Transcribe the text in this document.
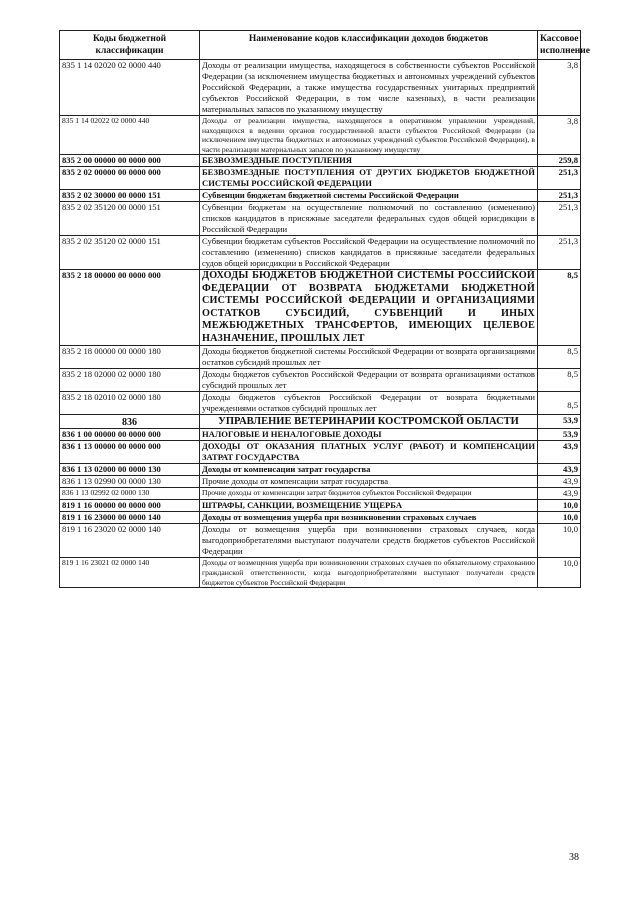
Коды бюджетной классификации	Наименование кодов классификации доходов бюджетов	Кассовое исполнение
835 1 14 02020 02 0000 440	Доходы от реализации имущества, находящегося в собственности субъектов Российской Федерации (за исключением имущества бюджетных и автономных учреждений субъектов Российской Федерации, а также имущества государственных унитарных предприятий субъектов Российской Федерации, в том числе казенных), в части реализации материальных запасов по указанному имуществу	3,8
835 1 14 02022 02 0000 440	Доходы от реализации имущества, находящегося в оперативном управлении учреждений, находящихся в ведении органов государственной власти субъектов Российской Федерации (за исключением имущества бюджетных и автономных учреждений субъектов Российской Федерации), в части реализации материальных запасов по указанному имуществу	3,8
835 2 00 00000 00 0000 000	БЕЗВОЗМЕЗДНЫЕ ПОСТУПЛЕНИЯ	259,8
835 2 02 00000 00 0000 000	БЕЗВОЗМЕЗДНЫЕ ПОСТУПЛЕНИЯ ОТ ДРУГИХ БЮДЖЕТОВ БЮДЖЕТНОЙ СИСТЕМЫ РОССИЙСКОЙ ФЕДЕРАЦИИ	251,3
835 2 02 30000 00 0000 151	Субвенции бюджетам бюджетной системы Российской Федерации	251,3
835 2 02 35120 00 0000 151	Субвенции бюджетам на осуществление полномочий по составлению (изменению) списков кандидатов в присяжные заседатели федеральных судов общей юрисдикции в Российской Федерации	251,3
835 2 02 35120 02 0000 151	Субвенции бюджетам субъектов Российской Федерации на осуществление полномочий по составлению (изменению) списков кандидатов в присяжные заседатели федеральных судов общей юрисдикции в Российской Федерации	251,3
835 2 18 00000 00 0000 000	ДОХОДЫ БЮДЖЕТОВ БЮДЖЕТНОЙ СИСТЕМЫ РОССИЙСКОЙ ФЕДЕРАЦИИ ОТ ВОЗВРАТА БЮДЖЕТАМИ БЮДЖЕТНОЙ СИСТЕМЫ РОССИЙСКОЙ ФЕДЕРАЦИИ И ОРГАНИЗАЦИЯМИ ОСТАТКОВ СУБСИДИЙ, СУБВЕНЦИЙ И ИНЫХ МЕЖБЮДЖЕТНЫХ ТРАНСФЕРТОВ, ИМЕЮЩИХ ЦЕЛЕВОЕ НАЗНАЧЕНИЕ, ПРОШЛЫХ ЛЕТ	8,5
835 2 18 00000 00 0000 180	Доходы бюджетов бюджетной системы Российской Федерации от возврата организациями остатков субсидий прошлых лет	8,5
835 2 18 02000 02 0000 180	Доходы бюджетов субъектов Российской Федерации от возврата организациями остатков субсидий прошлых лет	8,5
835 2 18 02010 02 0000 180	Доходы бюджетов субъектов Российской Федерации от возврата бюджетными учреждениями остатков субсидий прошлых лет	8,5
836	УПРАВЛЕНИЕ ВЕТЕРИНАРИИ КОСТРОМСКОЙ ОБЛАСТИ	53,9
836 1 00 00000 00 0000 000	НАЛОГОВЫЕ И НЕНАЛОГОВЫЕ ДОХОДЫ	53,9
836 1 13 00000 00 0000 000	ДОХОДЫ ОТ ОКАЗАНИЯ ПЛАТНЫХ УСЛУГ (РАБОТ) И КОМПЕНСАЦИИ ЗАТРАТ ГОСУДАРСТВА	43,9
836 1 13 02000 00 0000 130	Доходы от компенсации затрат государства	43,9
836 1 13 02990 00 0000 130	Прочие доходы от компенсации затрат государства	43,9
836 1 13 02992 02 0000 130	Прочие доходы от компенсации затрат бюджетов субъектов Российской Федерации	43,9
819 1 16 00000 00 0000 000	ШТРАФЫ, САНКЦИИ, ВОЗМЕЩЕНИЕ УЩЕРБА	10,0
819 1 16 23000 00 0000 140	Доходы от возмещения ущерба при возникновении страховых случаев	10,0
819 1 16 23020 02 0000 140	Доходы от возмещения ущерба при возникновении страховых случаев, когда выгодоприобретателями выступают получатели средств бюджетов субъектов Российской Федерации	10,0
819 1 16 23021 02 0000 140	Доходы от возмещения ущерба при возникновении страховых случаев по обязательному страхованию гражданской ответственности, когда выгодоприобретателями выступают получатели средств бюджетов субъектов Российской Федерации	10,0
38
